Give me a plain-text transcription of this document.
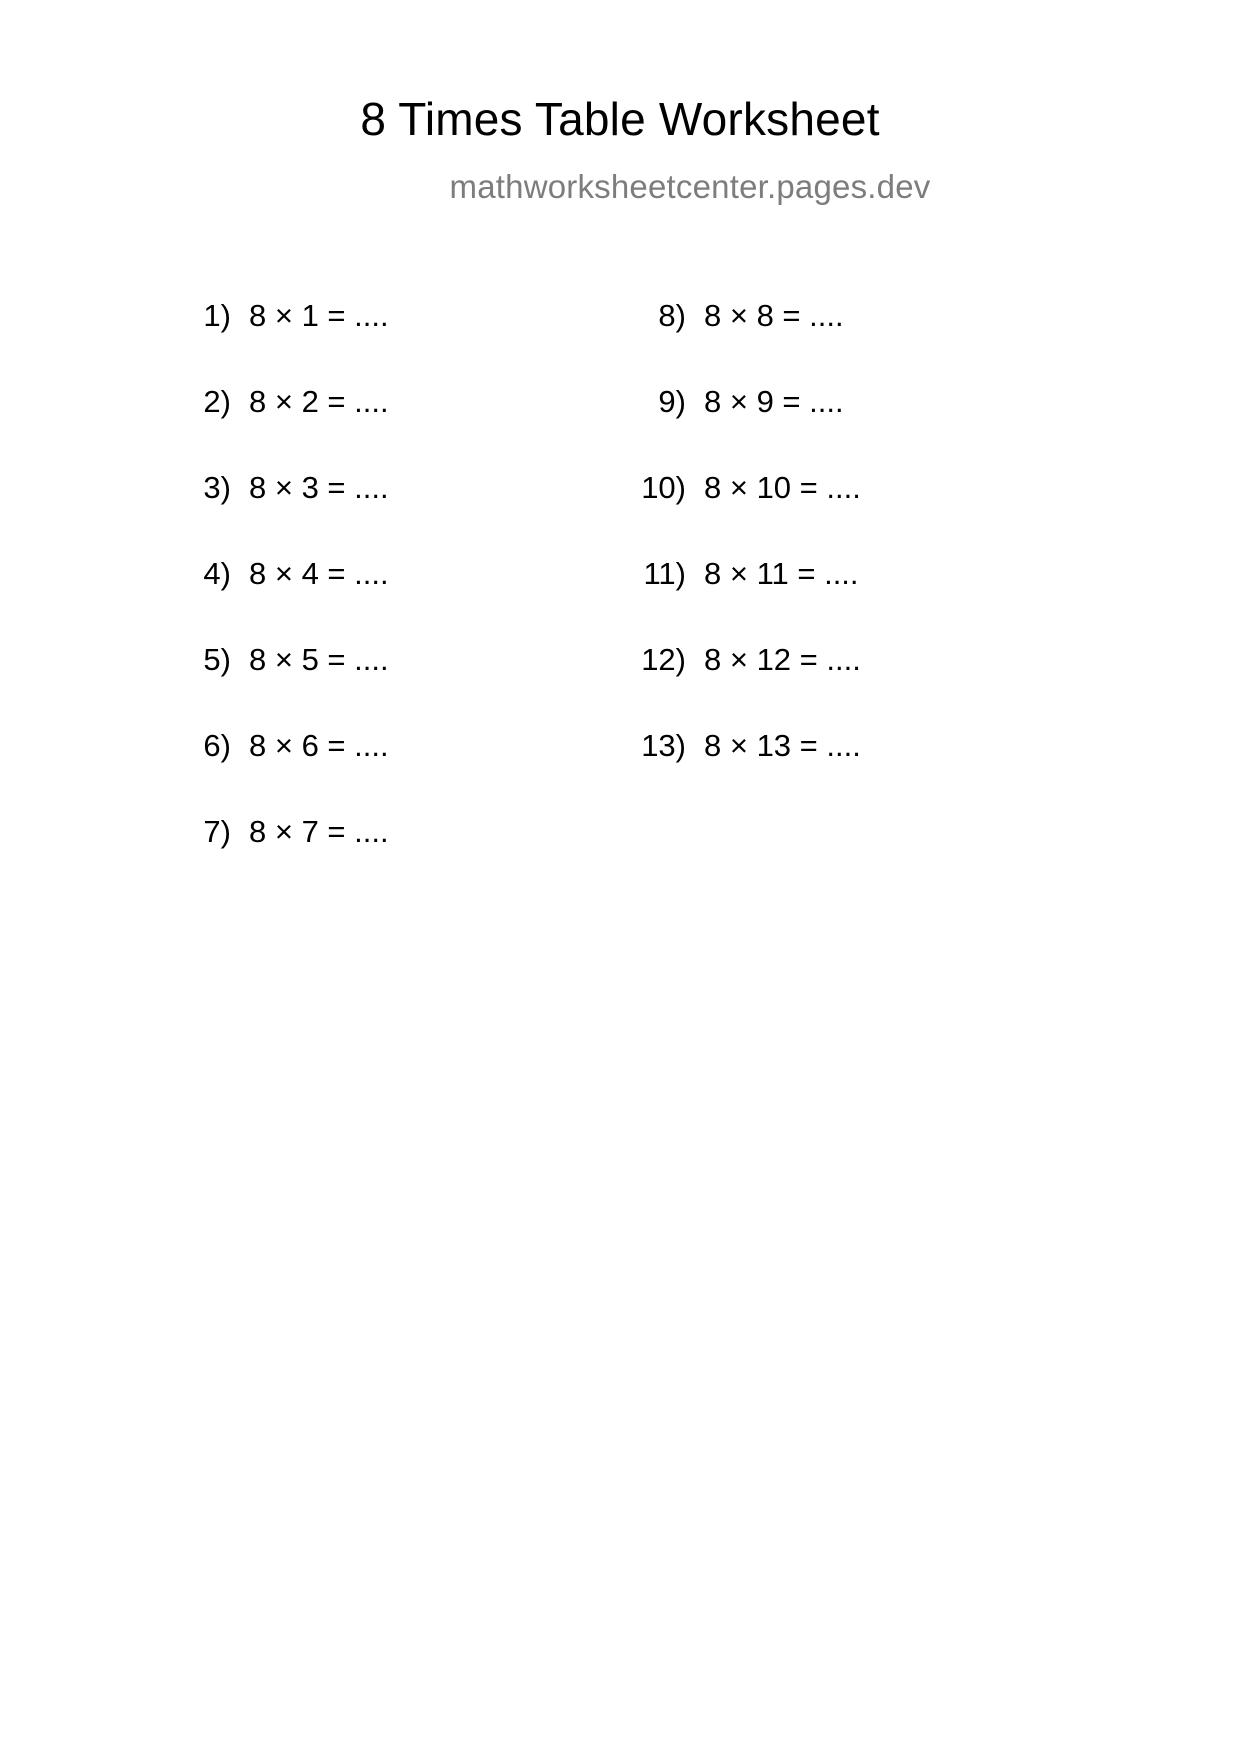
8 Times Table Worksheet
mathworksheetcenter.pages.dev
1) 8 × 1 = ....
2) 8 × 2 = ....
3) 8 × 3 = ....
4) 8 × 4 = ....
5) 8 × 5 = ....
6) 8 × 6 = ....
7) 8 × 7 = ....
8) 8 × 8 = ....
9) 8 × 9 = ....
10) 8 × 10 = ....
11) 8 × 11 = ....
12) 8 × 12 = ....
13) 8 × 13 = ....
